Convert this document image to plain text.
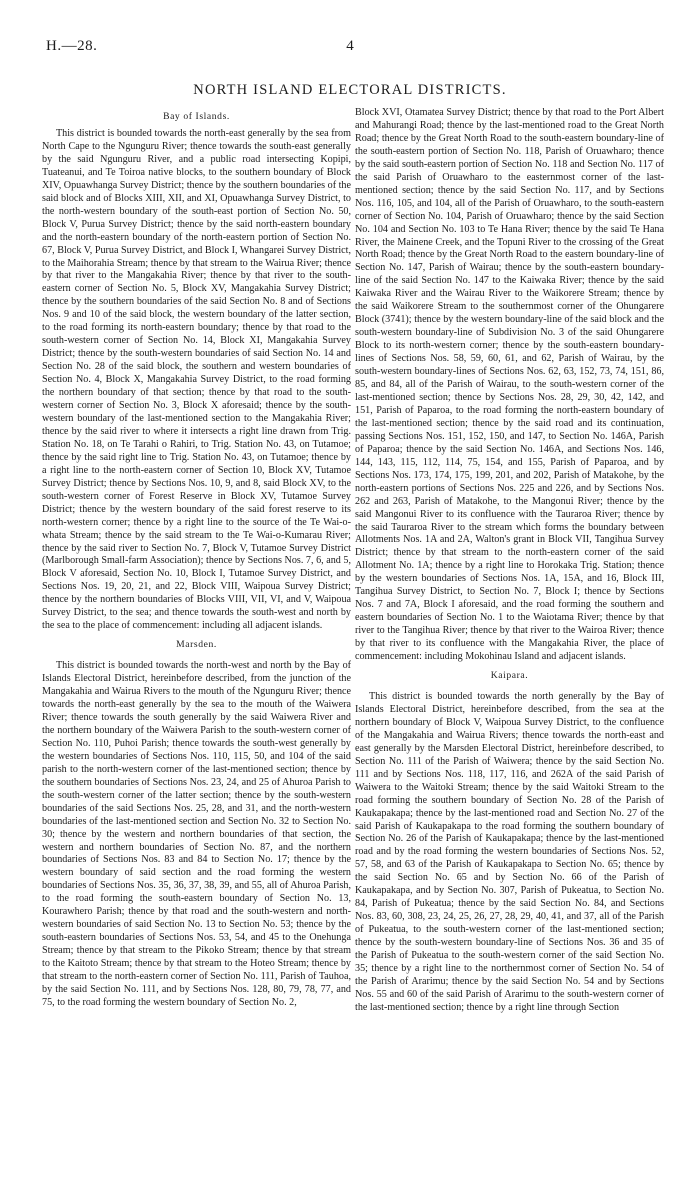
H.—28.	4
NORTH ISLAND ELECTORAL DISTRICTS.
Bay of Islands.

This district is bounded towards the north-east generally by the sea from North Cape to the Ngunguru River; thence towards the south-east generally by the said Ngunguru River, and a public road intersecting Kopipi, Tuateanui, and Te Toiroa native blocks, to the southern boundary of Block XIV, Opuawhanga Survey District; thence by the southern boundaries of the said block and of Blocks XIII, XII, and XI, Opuawhanga Survey District, to the north-western boundary of the south-east portion of Section No. 50, Block V, Purua Survey District; thence by the said north-eastern boundary and the north-eastern boundary of the north-eastern portion of Section No. 67, Block V, Purua Survey District, and Block I, Whangarei Survey District, to the Maihorahia Stream; thence by that stream to the Wairua River; thence by that river to the Mangakahia River; thence by that river to the south-eastern corner of Section No. 5, Block XV, Mangakahia Survey District; thence by the southern boundaries of the said Section No. 8 and of Sections Nos. 9 and 10 of the said block, the western boundary of the latter section, to the road forming its north-eastern boundary; thence by that road to the south-western corner of Section No. 14, Block XI, Mangakahia Survey District; thence by the south-western boundaries of said Section No. 14 and Section No. 28 of the said block, the southern and western boundaries of Section No. 4, Block X, Mangakahia Survey District, to the road forming the northern boundary of that section; thence by that road to the south-western corner of Section No. 3, Block X aforesaid; thence by the south-western boundary of the last-mentioned section to the Mangakahia River; thence by the said river to where it intersects a right line drawn from Trig. Station No. 18, on Te Tarahi o Rahiri, to Trig. Station No. 43, on Tutamoe; thence by the said right line to Trig. Station No. 43, on Tutamoe; thence by a right line to the north-eastern corner of Section 10, Block XV, Tutamoe Survey District; thence by Sections Nos. 10, 9, and 8, said Block XV, to the south-western corner of Forest Reserve in Block XV, Tutamoe Survey District; thence by the western boundary of the said forest reserve to its north-western corner; thence by a right line to the source of the Te Wai-o-whata Stream; thence by the said stream to the Te Wai-o-Kumarau River; thence by the said river to Section No. 7, Block V, Tutamoe Survey District (Marlborough Small-farm Association); thence by Sections Nos. 7, 6, and 5, Block V aforesaid, Section No. 10, Block I, Tutamoe Survey District, and Sections Nos. 19, 20, 21, and 22, Block VIII, Waipoua Survey District; thence by the northern boundaries of Blocks VIII, VII, VI, and V, Waipoua Survey District, to the sea; and thence towards the south-west and north by the sea to the place of commencement: including all adjacent islands.

Marsden.

This district is bounded towards the north-west and north by the Bay of Islands Electoral District, hereinbefore described, from the junction of the Mangakahia and Wairua Rivers to the mouth of the Ngunguru River; thence towards the north-east generally by the sea to the mouth of the Waiwera River; thence towards the south generally by the said Waiwera River and the northern boundary of the Waiwera Parish to the south-western corner of Section No. 110, Puhoi Parish; thence towards the south-west generally by the western boundaries of Sections Nos. 110, 115, 50, and 104 of the said parish to the north-western corner of the last-mentioned section; thence by the southern boundaries of Sections Nos. 23, 24, and 25 of Ahuroa Parish to the south-western corner of the latter section; thence by the south-western boundaries of the said Sections Nos. 25, 28, and 31, and the north-western boundaries of the last-mentioned section and Section No. 32 to Section No. 30; thence by the western and northern boundaries of that section, the western and northern boundaries of Section No. 87, and the northern boundaries of Sections Nos. 83 and 84 to Section No. 17; thence by the western boundary of said section and the road forming the western boundaries of Sections Nos. 35, 36, 37, 38, 39, and 55, all of Ahuroa Parish, to the road forming the south-eastern boundary of Section No. 13, Kourawhero Parish; thence by that road and the south-western and north-western boundaries of said Section No. 13 to Section No. 53; thence by the south-eastern boundaries of Sections Nos. 53, 54, and 45 to the Onehunga Stream; thence by that stream to the Pikoko Stream; thence by that stream to the Kaitoto Stream; thence by that stream to the Hoteo Stream; thence by that stream to the north-eastern corner of Section No. 111, Parish of Tauhoa, by the said Section No. 111, and by Sections Nos. 128, 80, 79, 78, 77, and 75, to the road forming the western boundary of Section No. 2,

Block XVI, Otamatea Survey District; thence by that road to the Port Albert and Mahurangi Road; thence by the last-mentioned road to the Great North Road; thence by the Great North Road to the south-eastern boundary-line of the south-eastern portion of Section No. 118, Parish of Oruawharo; thence by the said south-eastern portion of Section No. 118 and Section No. 117 of the said Parish of Oruawharo to the easternmost corner of the last-mentioned section; thence by the said Section No. 117, and by Sections Nos. 116, 105, and 104, all of the Parish of Oruawharo, to the south-eastern corner of Section No. 104, Parish of Oruawharo; thence by the said Section No. 104 and Section No. 103 to Te Hana River; thence by the said Te Hana River, the Mainene Creek, and the Topuni River to the crossing of the Great North Road; thence by the Great North Road to the eastern boundary-line of Section No. 147, Parish of Wairau; thence by the south-eastern boundary-line of the said Section No. 147 to the Kaiwaka River; thence by the said Kaiwaka River and the Wairau River to the Waikorere Stream; thence by the said Waikorere Stream to the southernmost corner of the Ohungarere Block (3741); thence by the western boundary-line of the said block and the south-western boundary-line of Subdivision No. 3 of the said Ohungarere Block to its north-western corner; thence by the south-eastern boundary-lines of Sections Nos. 58, 59, 60, 61, and 62, Parish of Wairau, by the south-western boundary-lines of Sections Nos. 62, 63, 152, 73, 74, 151, 86, 85, and 84, all of the Parish of Wairau, to the south-western corner of the last-mentioned section; thence by Sections Nos. 28, 29, 30, 42, 142, and 151, Parish of Paparoa, to the road forming the north-eastern boundary of the last-mentioned section; thence by the said road and its continuation, passing Sections Nos. 151, 152, 150, and 147, to Section No. 146A, Parish of Paparoa; thence by the said Section No. 146A, and Sections Nos. 146, 144, 143, 115, 112, 114, 75, 154, and 155, Parish of Paparoa, and by Sections Nos. 173, 174, 175, 199, 201, and 202, Parish of Matakohe, by the north-eastern portions of Sections Nos. 225 and 226, and by Sections Nos. 262 and 263, Parish of Matakohe, to the Mangonui River; thence by the said Mangonui River to its confluence with the Tauraroa River; thence by the said Tauraroa River to the stream which forms the boundary between Allotments Nos. 1A and 2A, Walton's grant in Block VII, Tangihua Survey District; thence by that stream to the north-eastern corner of the said Allotment No. 1A; thence by a right line to Horokaka Trig. Station; thence by the western boundaries of Sections Nos. 1A, 15A, and 16, Block III, Tangihua Survey District, to Section No. 7, Block I; thence by Sections Nos. 7 and 7A, Block I aforesaid, and the road forming the southern and eastern boundaries of Section No. 1 to the Waiotama River; thence by that river to the Tangihua River; thence by that river to the Wairoa River; thence by that river to its confluence with the Mangakahia River, the place of commencement: including Mokohinau Island and adjacent islands.

Kaipara.

This district is bounded towards the north generally by the Bay of Islands Electoral District, hereinbefore described, from the sea at the northern boundary of Block V, Waipoua Survey District, to the confluence of the Mangakahia and Wairua Rivers; thence towards the north-east and east generally by the Marsden Electoral District, hereinbefore described, to Section No. 111 of the Parish of Waiwera; thence by the said Section No. 111 and by Sections Nos. 118, 117, 116, and 262A of the said Parish of Waiwera to the Waitoki Stream; thence by the said Waitoki Stream to the road forming the southern boundary of Section No. 28 of the Parish of Kaukapakapa; thence by the last-mentioned road and Section No. 27 of the said Parish of Kaukapakapa to the road forming the southern boundary of Section No. 26 of the Parish of Kaukapakapa; thence by the last-mentioned road and by the road forming the western boundaries of Sections Nos. 52, 57, 58, and 63 of the Parish of Kaukapakapa to Section No. 65; thence by the said Section No. 65 and by Section No. 66 of the Parish of Kaukapakapa, and by Section No. 307, Parish of Pukeatua, to Section No. 84, Parish of Pukeatua; thence by the said Section No. 84, and Sections Nos. 83, 60, 308, 23, 24, 25, 26, 27, 28, 29, 40, 41, and 37, all of the Parish of Pukeatua, to the south-western corner of the last-mentioned section; thence by the south-western boundary-line of Sections Nos. 36 and 35 of the Parish of Pukeatua to the south-western corner of the said Section No. 35; thence by a right line to the northernmost corner of Section No. 54 of the Parish of Ararimu; thence by the said Section No. 54 and by Sections Nos. 55 and 60 of the said Parish of Ararimu to the south-western corner of the last-mentioned section; thence by a right line through Section
